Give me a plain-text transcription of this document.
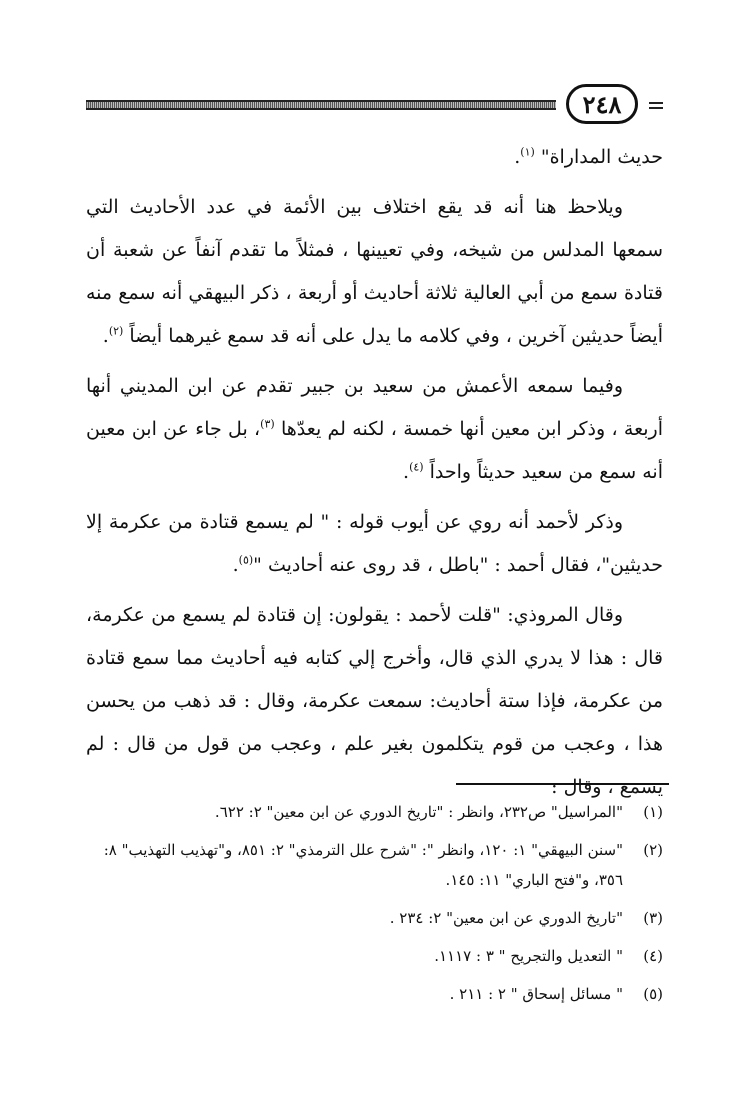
٢٤٨

حديث المداراة" $^{(١)}$.

ويلاحظ هنا أنه قد يقع اختلاف بين الأئمة في عدد الأحاديث التي سمعها المدلس من شيخه، وفي تعيينها ، فمثلاً ما تقدم آنفاً عن شعبة أن قتادة سمع من أبي العالية ثلاثة أحاديث أو أربعة ، ذكر البيهقي أنه سمع منه أيضاً حديثين آخرين ، وفي كلامه ما يدل على أنه قد سمع غيرهما أيضاً $^{(٢)}$.

وفيما سمعه الأعمش من سعيد بن جبير تقدم عن ابن المديني أنها أربعة ، وذكر ابن معين أنها خمسة ، لكنه لم يعدّها $^{(٣)}$، بل جاء عن ابن معين أنه سمع من سعيد حديثاً واحداً $^{(٤)}$.

وذكر لأحمد أنه روي عن أيوب قوله : " لم يسمع قتادة من عكرمة إلا حديثين"، فقال أحمد : "باطل ، قد روى عنه أحاديث "$^{(٥)}$.

وقال المروذي: "قلت لأحمد : يقولون: إن قتادة لم يسمع من عكرمة، قال : هذا لا يدري الذي قال، وأخرج إلي كتابه فيه أحاديث مما سمع قتادة من عكرمة، فإذا ستة أحاديث: سمعت عكرمة، وقال : قد ذهب من يحسن هذا ، وعجب من قوم يتكلمون بغير علم ، وعجب من قول من قال : لم يسمع ، وقال :

(١)"المراسيل" ص٢٣٢، وانظر : "تاريخ الدوري عن ابن معين" ٢: ٦٢٢.

(٢)"سنن البيهقي" ١: ١٢٠، وانظر ": "شرح علل الترمذي" ٢: ٨٥١، و"تهذيب التهذيب" ٨: ٣٥٦، و"فتح الباري" ١١: ١٤٥.

(٣)"تاريخ الدوري عن ابن معين" ٢: ٢٣٤ .

(٤)" التعديل والتجريح " ٣ : ١١١٧.

(٥)" مسائل إسحاق " ٢ : ٢١١ .
